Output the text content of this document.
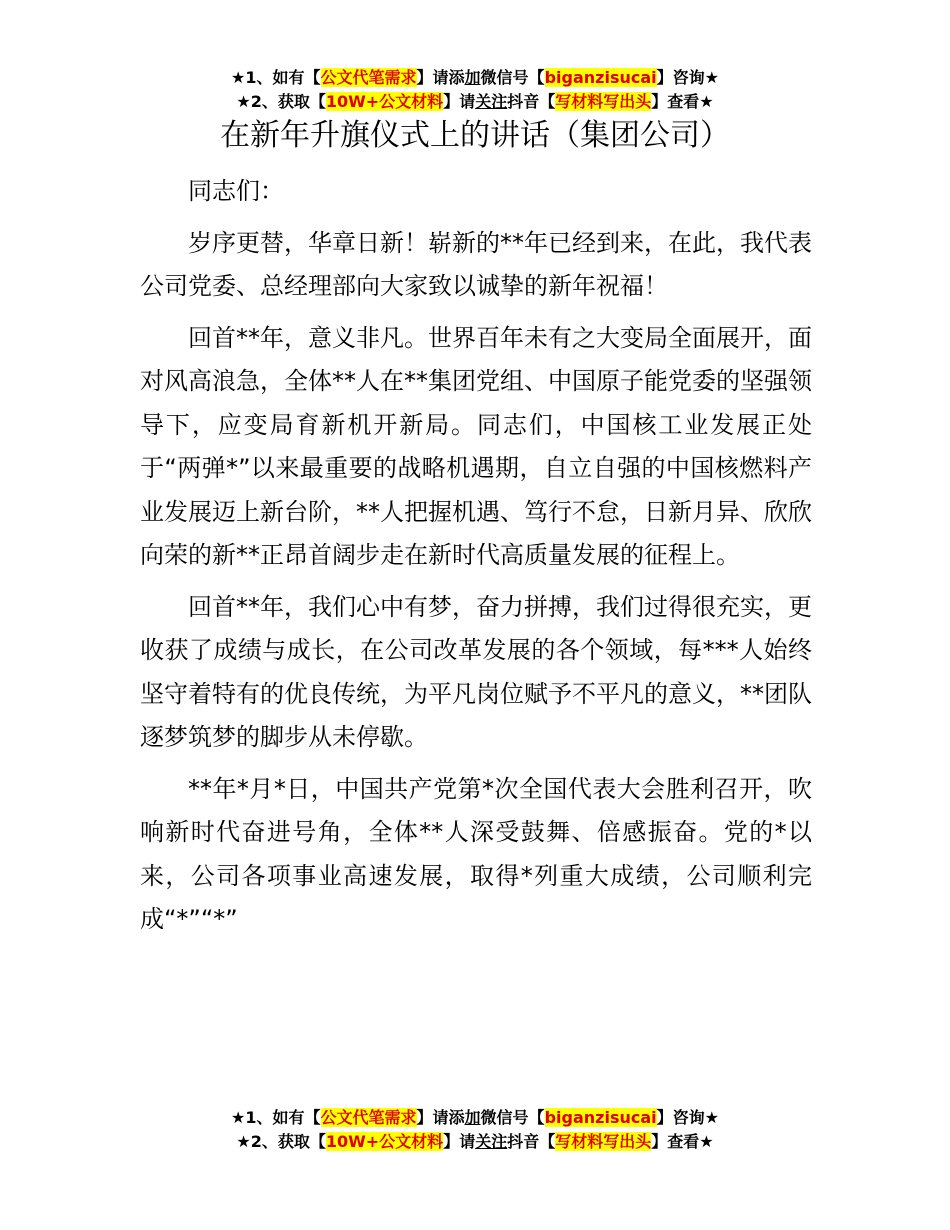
★1、如有【公文代笔需求】请添加微信号【biganzisucai】咨询★
★2、获取【10W+公文材料】请关注抖音【写材料写出头】查看★
在新年升旗仪式上的讲话（集团公司）

同志们：

岁序更替，华章日新！崭新的**年已经到来，在此，我代表公司党委、总经理部向大家致以诚挚的新年祝福！

回首**年，意义非凡。世界百年未有之大变局全面展开，面对风高浪急，全体**人在**集团党组、中国原子能党委的坚强领导下，应变局育新机开新局。同志们，中国核工业发展正处于“两弹*”以来最重要的战略机遇期，自立自强的中国核燃料产业发展迈上新台阶，**人把握机遇、笃行不怠，日新月异、欣欣向荣的新**正昂首阔步走在新时代高质量发展的征程上。

回首**年，我们心中有梦，奋力拼搏，我们过得很充实，更收获了成绩与成长，在公司改革发展的各个领域，每***人始终坚守着特有的优良传统，为平凡岗位赋予不平凡的意义，**团队逐梦筑梦的脚步从未停歇。

**年*月*日，中国共产党第*次全国代表大会胜利召开，吹响新时代奋进号角，全体**人深受鼓舞、倍感振奋。党的*以来，公司各项事业高速发展，取得*列重大成绩，公司顺利完成“*”“*”

★1、如有【公文代笔需求】请添加微信号【biganzisucai】咨询★
★2、获取【10W+公文材料】请关注抖音【写材料写出头】查看★
